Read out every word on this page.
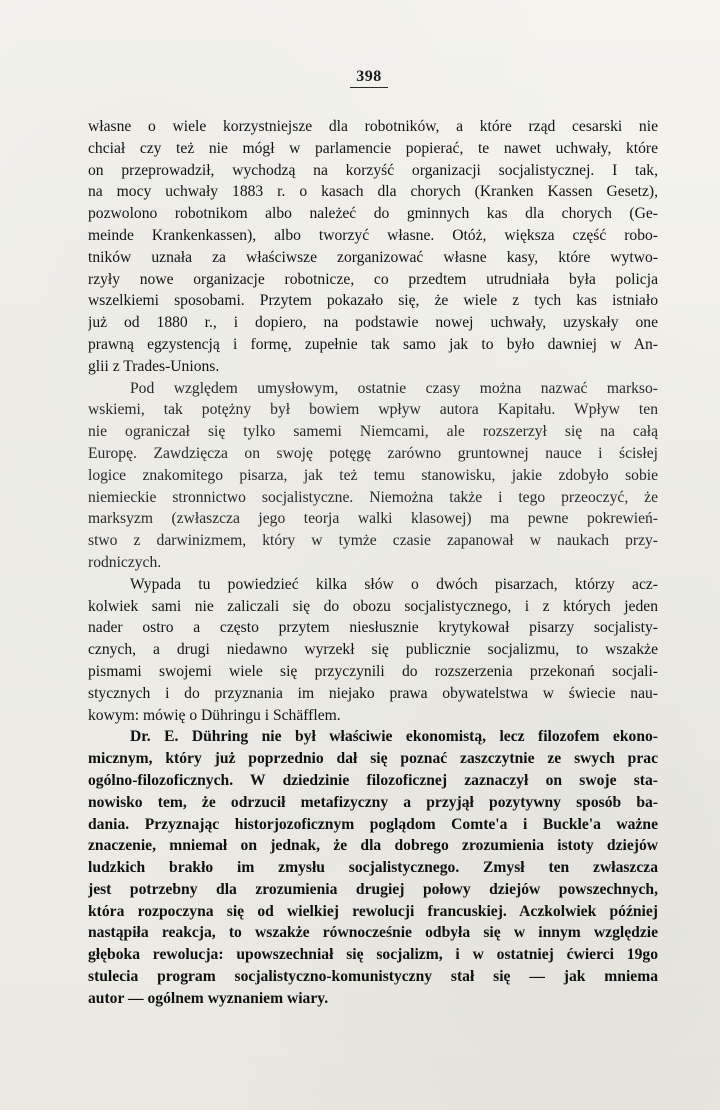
398
własne o wiele korzystniejsze dla robotników, a które rząd cesarski nie
chciał czy też nie mógł w parlamencie popierać, te nawet uchwały, które
on przeprowadził, wychodzą na korzyść organizacji socjalistycznej. I tak,
na mocy uchwały 1883 r. o kasach dla chorych (Kranken Kassen Gesetz),
pozwolono robotnikom albo należeć do gminnych kas dla chorych (Ge-
meinde Krankenkassen), albo tworzyć własne. Otóż, większa część robo-
tników uznała za właściwsze zorganizować własne kasy, które wytwo-
rzyły nowe organizacje robotnicze, co przedtem utrudniała była policja
wszelkiemi sposobami. Przytem pokazało się, że wiele z tych kas istniało
już od 1880 r., i dopiero, na podstawie nowej uchwały, uzyskały one
prawną egzystencją i formę, zupełnie tak samo jak to było dawniej w An-
glii z Trades-Unions.
Pod względem umysłowym, ostatnie czasy można nazwać markso-
wskiemi, tak potężny był bowiem wpływ autora Kapitału. Wpływ ten
nie ograniczał się tylko samemi Niemcami, ale rozszerzył się na całą
Europę. Zawdzięcza on swoję potęgę zarówno gruntownej nauce i ścisłej
logice znakomitego pisarza, jak też temu stanowisku, jakie zdobyło sobie
niemieckie stronnictwo socjalistyczne. Niemożna także i tego przeoczyć, że
marksyzm (zwłaszcza jego teorja walki klasowej) ma pewne pokrewień-
stwo z darwinizmem, który w tymże czasie zapanował w naukach przy-
rodniczych.
Wypada tu powiedzieć kilka słów o dwóch pisarzach, którzy acz-
kolwiek sami nie zaliczali się do obozu socjalistycznego, i z których jeden
nader ostro a często przytem niesłusznie krytykował pisarzy socjalisty-
cznych, a drugi niedawno wyrzekł się publicznie socjalizmu, to wszakże
pismami swojemi wiele się przyczynili do rozszerzenia przekonań socjali-
stycznych i do przyznania im niejako prawa obywatelstwa w świecie nau-
kowym: mówię o Dühringu i Schäfflem.
Dr. E. Dühring nie był właściwie ekonomistą, lecz filozofem ekono-
micznym, który już poprzednio dał się poznać zaszczytnie ze swych prac
ogólno-filozoficznych. W dziedzinie filozoficznej zaznaczył on swoje sta-
nowisko tem, że odrzucił metafizyczny a przyjął pozytywny sposób ba-
dania. Przyznając historjozoficznym poglądom Comte'a i Buckle'a ważne
znaczenie, mniemał on jednak, że dla dobrego zrozumienia istoty dziejów
ludzkich brakło im zmysłu socjalistycznego. Zmysł ten zwłaszcza
jest potrzebny dla zrozumienia drugiej połowy dziejów powszechnych,
która rozpoczyna się od wielkiej rewolucji francuskiej. Aczkolwiek później
nastąpiła reakcja, to wszakże równocześnie odbyła się w innym względzie
głęboka rewolucja: upowszechniał się socjalizm, i w ostatniej ćwierci 19go
stulecia program socjalistyczno-komunistyczny stał się — jak mniema
autor — ogólnem wyznaniem wiary.
